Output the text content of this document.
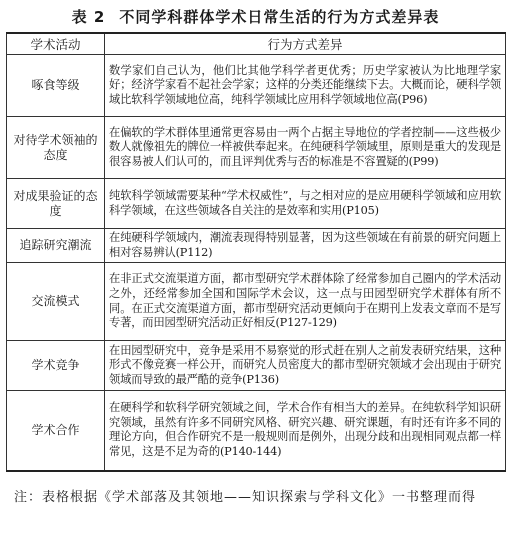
表 2 不同学科群体学术日常生活的行为方式差异表
学术活动	行为方式差异
啄食等级	数学家们自己认为，他们比其他学科学者更优秀；历史学家被认为比地理学家好；经济学家看不起社会学家；这样的分类还能继续下去。大概而论，硬科学领域比软科学领域地位高，纯科学领域比应用科学领域地位高(P96)
对待学术领袖的态度	在偏软的学术群体里通常更容易由一两个占据主导地位的学者控制——这些极少数人就像祖先的牌位一样被供奉起来。在纯硬科学领域里，原则是重大的发现是很容易被人们认可的，而且评判优秀与否的标准是不容置疑的(P99)
对成果验证的态度	纯软科学领域需要某种“学术权威性”，与之相对应的是应用硬科学领域和应用软科学领域，在这些领域各自关注的是效率和实用(P105)
追踪研究潮流	在纯硬科学领域内，潮流表现得特别显著，因为这些领域在有前景的研究问题上相对容易辨认(P112)
交流模式	在非正式交流渠道方面，都市型研究学术群体除了经常参加自己圈内的学术活动之外，还经常参加全国和国际学术会议，这一点与田园型研究学术群体有所不同。在正式交流渠道方面，都市型研究活动更倾向于在期刊上发表文章而不是写专著，而田园型研究活动正好相反(P127-129)
学术竞争	在田园型研究中，竞争是采用不易察觉的形式赶在别人之前发表研究结果，这种形式不像竞赛一样公开，而研究人员密度大的都市型研究领域才会出现由于研究领域而导致的最严酷的竞争(P136)
学术合作	在硬科学和软科学研究领域之间，学术合作有相当大的差异。在纯软科学知识研究领域，虽然有许多不同研究风格、研究兴趣、研究课题，有时还有许多不同的理论方向，但合作研究不是一般规则而是例外，出现分歧和出现相同观点都一样常见，这是不足为奇的(P140-144)
注：表格根据《学术部落及其领地——知识探索与学科文化》一书整理而得
